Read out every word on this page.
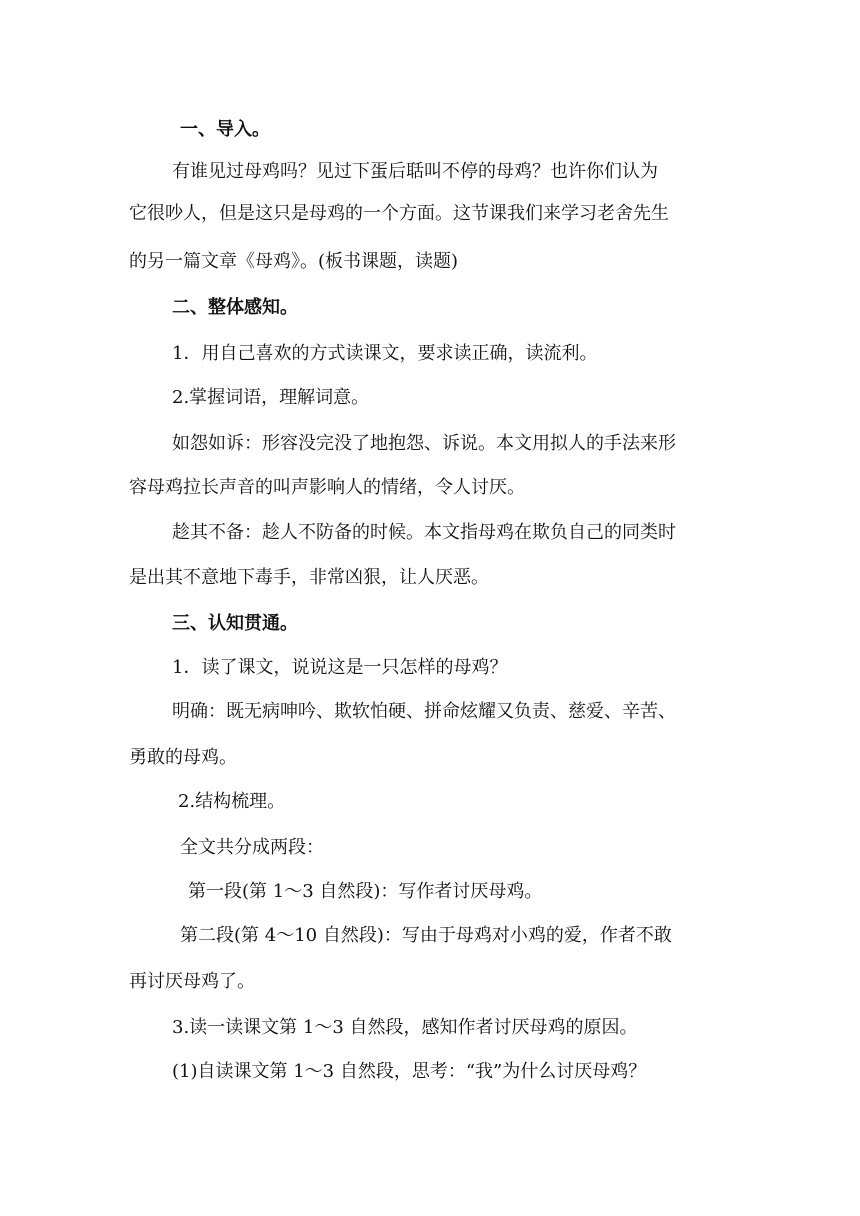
一、导入。
有谁见过母鸡吗？见过下蛋后聒叫不停的母鸡？也许你们认为
它很吵人，但是这只是母鸡的一个方面。这节课我们来学习老舍先生
的另一篇文章《母鸡》。(板书课题，读题)
二、整体感知。
1．用自己喜欢的方式读课文，要求读正确，读流利。
2.掌握词语，理解词意。
如怨如诉：形容没完没了地抱怨、诉说。本文用拟人的手法来形
容母鸡拉长声音的叫声影响人的情绪，令人讨厌。
趁其不备：趁人不防备的时候。本文指母鸡在欺负自己的同类时
是出其不意地下毒手，非常凶狠，让人厌恶。
三、认知贯通。
1．读了课文，说说这是一只怎样的母鸡？
明确：既无病呻吟、欺软怕硬、拼命炫耀又负责、慈爱、辛苦、
勇敢的母鸡。
2.结构梳理。
全文共分成两段：
第一段(第 1～3 自然段)：写作者讨厌母鸡。
第二段(第 4～10 自然段)：写由于母鸡对小鸡的爱，作者不敢
再讨厌母鸡了。
3.读一读课文第 1～3 自然段，感知作者讨厌母鸡的原因。
(1)自读课文第 1～3 自然段，思考：“我”为什么讨厌母鸡？
